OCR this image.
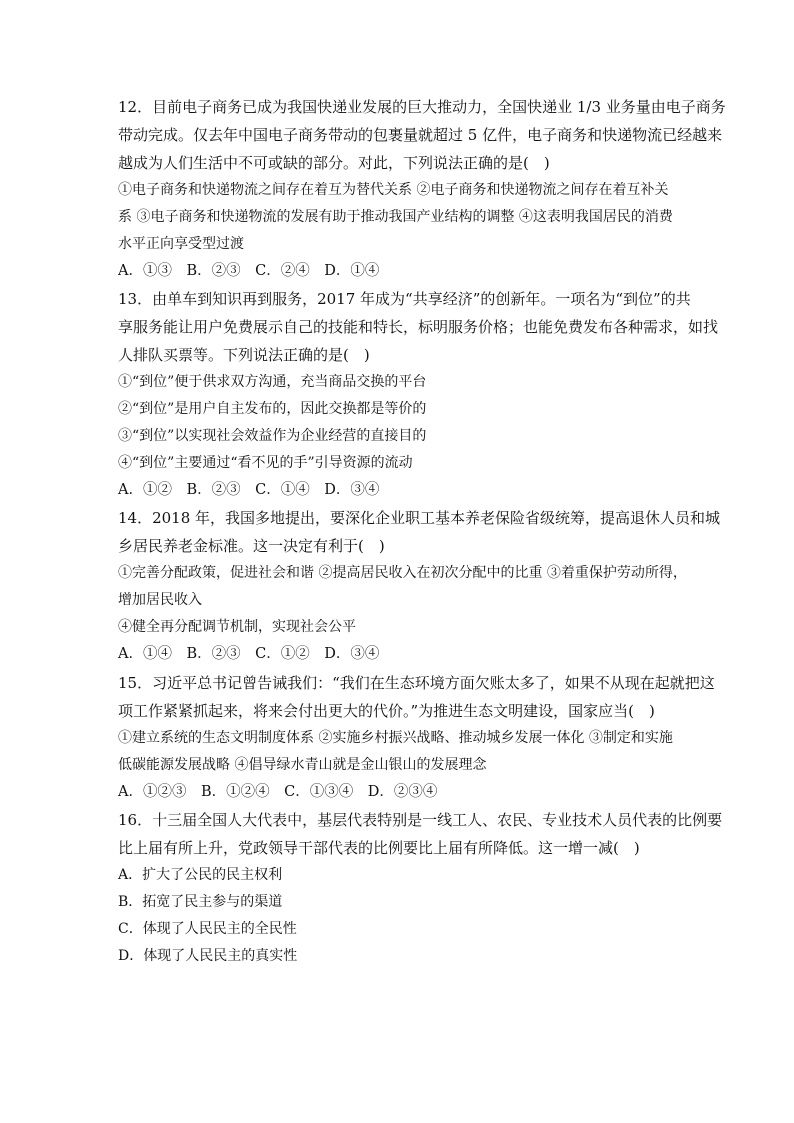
12．目前电子商务已成为我国快递业发展的巨大推动力，全国快递业 1/3 业务量由电子商务
带动完成。仅去年中国电子商务带动的包裹量就超过 5 亿件，电子商务和快递物流已经越来
越成为人们生活中不可或缺的部分。对此，下列说法正确的是(　)
①电子商务和快递物流之间存在着互为替代关系 ②电子商务和快递物流之间存在着互补关
系 ③电子商务和快递物流的发展有助于推动我国产业结构的调整 ④这表明我国居民的消费
水平正向享受型过渡
A．①③　B．②③　C．②④　D．①④
13．由单车到知识再到服务，2017 年成为“共享经济”的创新年。一项名为“到位”的共
享服务能让用户免费展示自己的技能和特长，标明服务价格；也能免费发布各种需求，如找
人排队买票等。下列说法正确的是(　)
①“到位”便于供求双方沟通，充当商品交换的平台
②“到位”是用户自主发布的，因此交换都是等价的
③“到位”以实现社会效益作为企业经营的直接目的
④“到位”主要通过“看不见的手”引导资源的流动
A．①②　B．②③　C．①④　D．③④
14．2018 年，我国多地提出，要深化企业职工基本养老保险省级统筹，提高退休人员和城
乡居民养老金标准。这一决定有利于(　)
①完善分配政策，促进社会和谐 ②提高居民收入在初次分配中的比重 ③着重保护劳动所得，
增加居民收入
④健全再分配调节机制，实现社会公平
A．①④　B．②③　C．①②　D．③④
15．习近平总书记曾告诫我们：“我们在生态环境方面欠账太多了，如果不从现在起就把这
项工作紧紧抓起来，将来会付出更大的代价。”为推进生态文明建设，国家应当(　)
①建立系统的生态文明制度体系 ②实施乡村振兴战略、推动城乡发展一体化 ③制定和实施
低碳能源发展战略 ④倡导绿水青山就是金山银山的发展理念
A．①②③　B．①②④　C．①③④　D．②③④
16．十三届全国人大代表中，基层代表特别是一线工人、农民、专业技术人员代表的比例要
比上届有所上升，党政领导干部代表的比例要比上届有所降低。这一增一减(　)
A．扩大了公民的民主权利
B．拓宽了民主参与的渠道
C．体现了人民民主的全民性
D．体现了人民民主的真实性
